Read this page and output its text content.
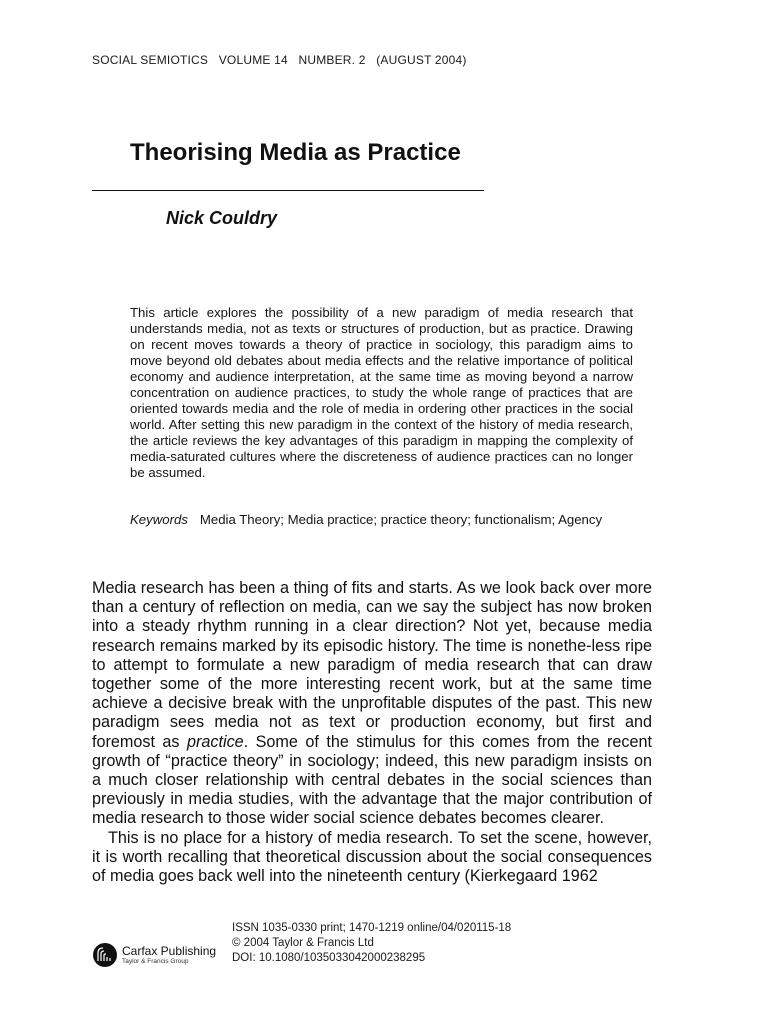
SOCIAL SEMIOTICS   VOLUME 14   NUMBER. 2   (AUGUST 2004)
Theorising Media as Practice
Nick Couldry

This article explores the possibility of a new paradigm of media research that understands media, not as texts or structures of production, but as practice. Drawing on recent moves towards a theory of practice in sociology, this paradigm aims to move beyond old debates about media effects and the relative importance of political economy and audience interpretation, at the same time as moving beyond a narrow concentration on audience practices, to study the whole range of practices that are oriented towards media and the role of media in ordering other practices in the social world. After setting this new paradigm in the context of the history of media research, the article reviews the key advantages of this paradigm in mapping the complexity of media-saturated cultures where the discreteness of audience practices can no longer be assumed.

Keywords Media Theory; Media practice; practice theory; functionalism; Agency

Media research has been a thing of fits and starts. As we look back over more than a century of reflection on media, can we say the subject has now broken into a steady rhythm running in a clear direction? Not yet, because media research remains marked by its episodic history. The time is nonethe-less ripe to attempt to formulate a new paradigm of media research that can draw together some of the more interesting recent work, but at the same time achieve a decisive break with the unprofitable disputes of the past. This new paradigm sees media not as text or production economy, but first and foremost as practice. Some of the stimulus for this comes from the recent growth of “practice theory” in sociology; indeed, this new paradigm insists on a much closer relationship with central debates in the social sciences than previously in media studies, with the advantage that the major contribution of media research to those wider social science debates becomes clearer.

This is no place for a history of media research. To set the scene, however, it is worth recalling that theoretical discussion about the social consequences of media goes back well into the nineteenth century (Kierkegaard 1962

ISSN 1035-0330 print; 1470-1219 online/04/020115-18
© 2004 Taylor & Francis Ltd
DOI: 10.1080/1035033042000238295
Carfax Publishing
Taylor & Francis Group
